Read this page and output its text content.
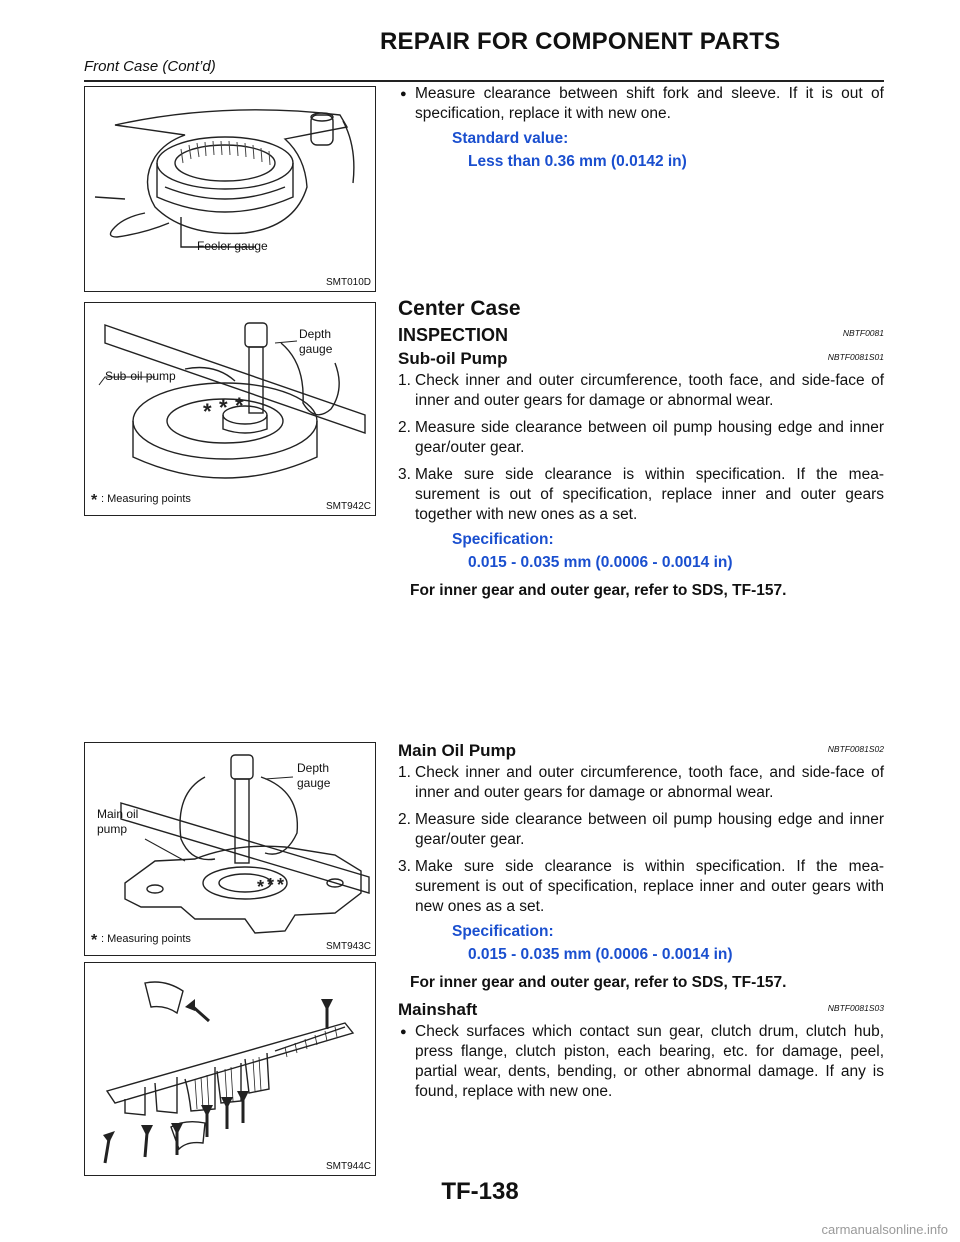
REPAIR FOR COMPONENT PARTS
Front Case (Cont’d)
Feeler gauge
SMT010D
● Measure clearance between shift fork and sleeve. If it is out of specification, replace it with new one.
Standard value:
Less than 0.36 mm (0.0142 in)
* * *
*
Depth
gauge
Sub-oil pump
: Measuring points
SMT942C
Center Case
INSPECTION	NBTF0081
Sub-oil Pump	NBTF0081S01
1. Check inner and outer circumference, tooth face, and side-face of inner and outer gears for damage or abnormal wear.
2. Measure side clearance between oil pump housing edge and inner gear/outer gear.
3. Make sure side clearance is within specification. If the mea-surement is out of specification, replace inner and outer gears together with new ones as a set.
Specification:
0.015 - 0.035 mm (0.0006 - 0.0014 in)
For inner gear and outer gear, refer to SDS, TF-157.
* * *
*
Depth
gauge
Main oil
pump
: Measuring points
SMT943C
Main Oil Pump	NBTF0081S02
1. Check inner and outer circumference, tooth face, and side-face of inner and outer gears for damage or abnormal wear.
2. Measure side clearance between oil pump housing edge and inner gear/outer gear.
3. Make sure side clearance is within specification. If the mea-surement is out of specification, replace inner and outer gears with new ones as a set.
Specification:
0.015 - 0.035 mm (0.0006 - 0.0014 in)
For inner gear and outer gear, refer to SDS, TF-157.
Mainshaft	NBTF0081S03
● Check surfaces which contact sun gear, clutch drum, clutch hub, press flange, clutch piston, each bearing, etc. for damage, peel, partial wear, dents, bending, or other abnormal damage. If any is found, replace with new one.
SMT944C
TF-138
carmanualsonline.info
